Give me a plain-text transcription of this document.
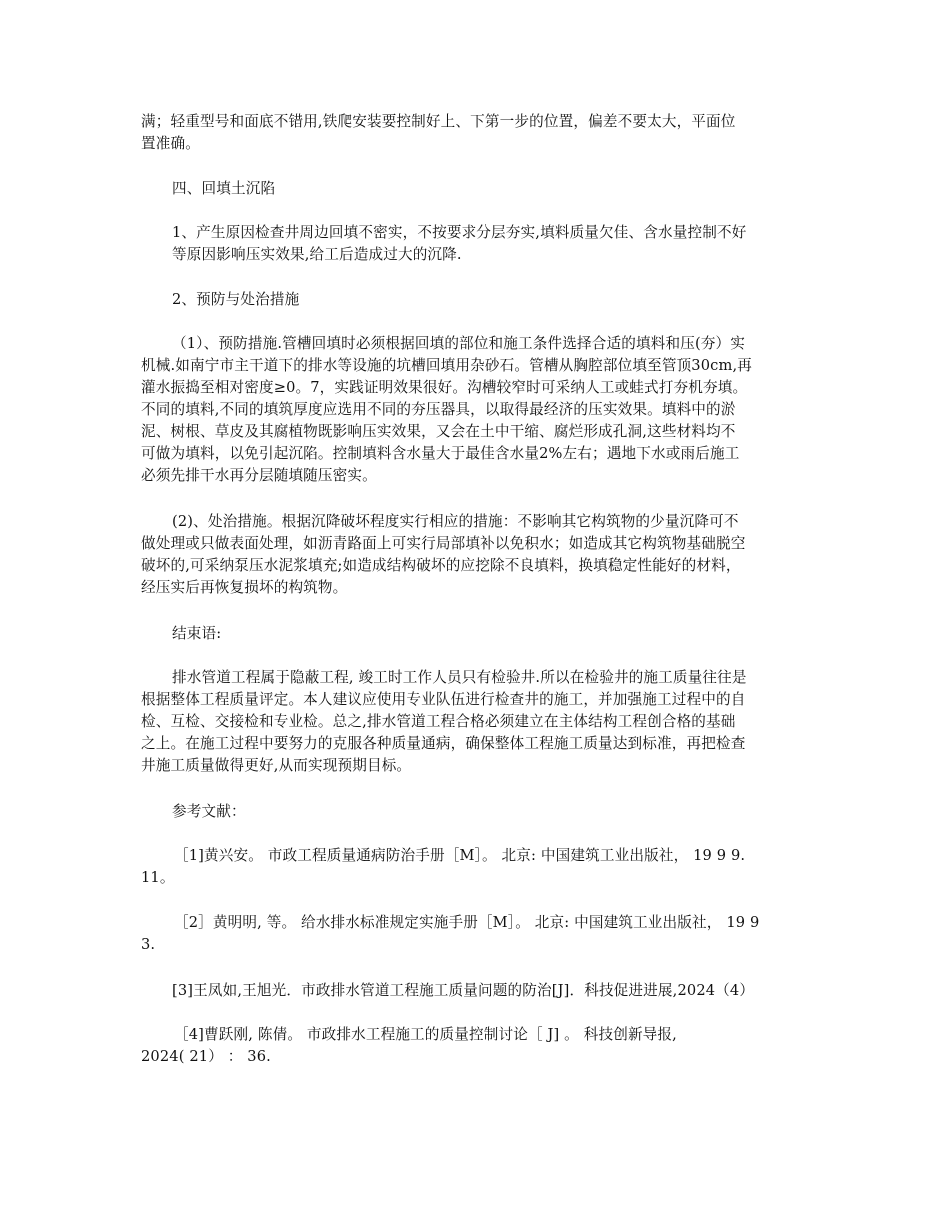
满；轻重型号和面底不错用,铁爬安装要控制好上、下第一步的位置，偏差不要太大，平面位
置准确。
四、回填土沉陷
1、产生原因检查井周边回填不密实，不按要求分层夯实,填料质量欠佳、含水量控制不好
等原因影响压实效果,给工后造成过大的沉降.
2、预防与处治措施
（1）、预防措施.管槽回填时必须根据回填的部位和施工条件选择合适的填料和压(夯）实
机械.如南宁市主干道下的排水等设施的坑槽回填用杂砂石。管槽从胸腔部位填至管顶30cm,再
灌水振捣至相对密度≥0。7，实践证明效果很好。沟槽较窄时可采纳人工或蛙式打夯机夯填。
不同的填料,不同的填筑厚度应选用不同的夯压器具，以取得最经济的压实效果。填料中的淤
泥、树根、草皮及其腐植物既影响压实效果，又会在土中干缩、腐烂形成孔洞,这些材料均不
可做为填料，以免引起沉陷。控制填料含水量大于最佳含水量2%左右；遇地下水或雨后施工
必须先排干水再分层随填随压密实。
(2)、处治措施。根据沉降破坏程度实行相应的措施：不影响其它构筑物的少量沉降可不
做处理或只做表面处理，如沥青路面上可实行局部填补以免积水；如造成其它构筑物基础脱空
破坏的,可采纳泵压水泥浆填充;如造成结构破坏的应挖除不良填料，换填稳定性能好的材料，
经压实后再恢复损坏的构筑物。
结束语:
排水管道工程属于隐蔽工程, 竣工时工作人员只有检验井.所以在检验井的施工质量往往是
根据整体工程质量评定。本人建议应使用专业队伍进行检查井的施工，并加强施工过程中的自
检、互检、交接检和专业检。总之,排水管道工程合格必须建立在主体结构工程创合格的基础
之上。在施工过程中要努力的克服各种质量通病，确保整体工程施工质量达到标准，再把检查
井施工质量做得更好,从而实现预期目标。
参考文献：
［1]黄兴安。 市政工程质量通病防治手册［M］。 北京: 中国建筑工业出版社， 19 9 9.
11。
［2］黄明明, 等。 给水排水标准规定实施手册［M］。 北京: 中国建筑工业出版社， 19 9
3.
[3]王凤如,王旭光．市政排水管道工程施工质量问题的防治[J]．科技促进进展,2024（4）
［4]曹跃刚, 陈倩。 市政排水工程施工的质量控制讨论［ J] 。 科技创新导报,
2024( 21） ： 36.
